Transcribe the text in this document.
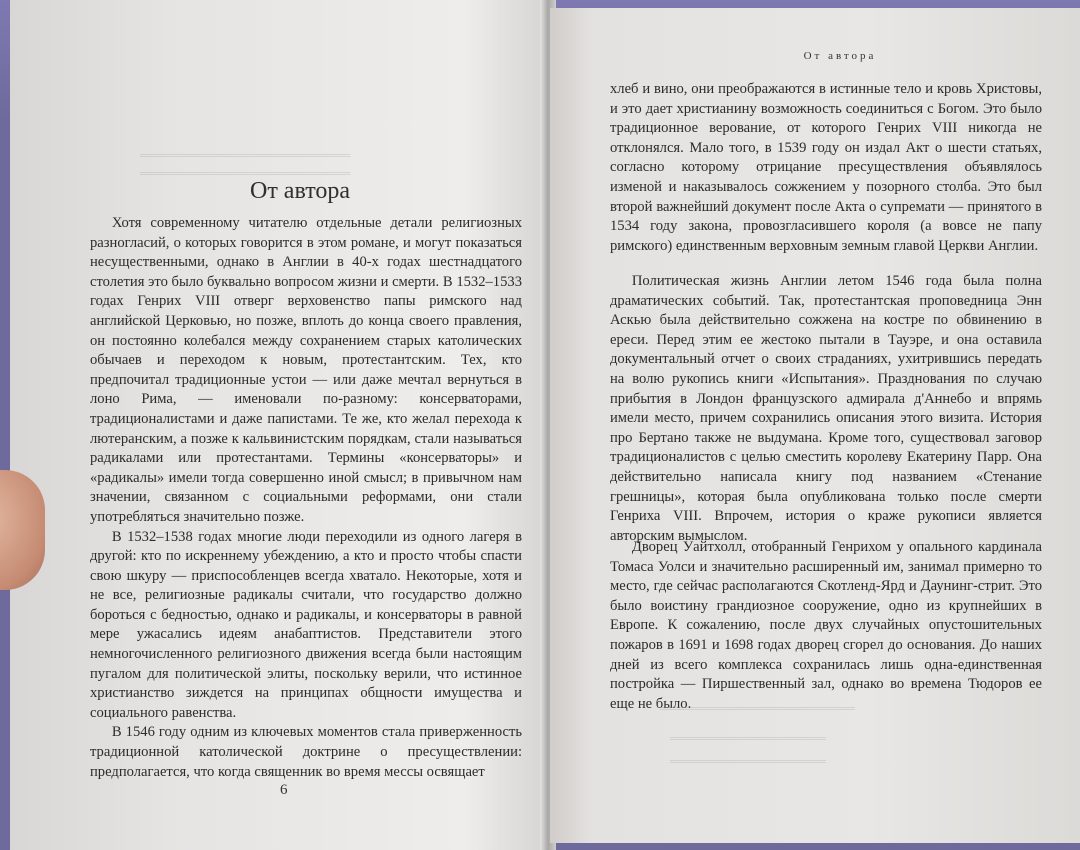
═══════════════════════════
═══════════════════════════
От автора

Хотя современному читателю отдельные детали религиозных разногласий, о которых говорится в этом романе, и могут показаться несущественными, однако в Англии в 40-х годах шестнадцатого столетия это было буквально вопросом жизни и смерти. В 1532–1533 годах Генрих VIII отверг верховенство папы римского над английской Церковью, но позже, вплоть до конца своего правления, он постоянно колебался между сохранением старых католических обычаев и переходом к новым, протестантским. Тех, кто предпочитал традиционные устои — или даже мечтал вернуться в лоно Рима, — именовали по-разному: консерваторами, традиционалистами и даже папистами. Те же, кто желал перехода к лютеранским, а позже к кальвинистским порядкам, стали называться радикалами или протестантами. Термины «консерваторы» и «радикалы» имели тогда совершенно иной смысл; в привычном нам значении, связанном с социальными реформами, они стали употребляться значительно позже.

В 1532–1538 годах многие люди переходили из одного лагеря в другой: кто по искреннему убеждению, а кто и просто чтобы спасти свою шкуру — приспособленцев всегда хватало. Некоторые, хотя и не все, религиозные радикалы считали, что государство должно бороться с бедностью, однако и радикалы, и консерваторы в равной мере ужасались идеям анабаптистов. Представители этого немногочисленного религиозного движения всегда были настоящим пугалом для политической элиты, поскольку верили, что истинное христианство зиждется на принципах общности имущества и социального равенства.

В 1546 году одним из ключевых моментов стала приверженность традиционной католической доктрине о пресуществлении: предполагается, что когда священник во время мессы освящает

6
От автора

хлеб и вино, они преображаются в истинные тело и кровь Христовы, и это дает христианину возможность соединиться с Богом. Это было традиционное верование, от которого Генрих VIII никогда не отклонялся. Мало того, в 1539 году он издал Акт о шести статьях, согласно которому отрицание пресуществления объявлялось изменой и наказывалось сожжением у позорного столба. Это был второй важнейший документ после Акта о супремати — принятого в 1534 году закона, провозгласившего короля (а вовсе не папу римского) единственным верховным земным главой Церкви Англии.

Политическая жизнь Англии летом 1546 года была полна драматических событий. Так, протестантская проповедница Энн Аскью была действительно сожжена на костре по обвинению в ереси. Перед этим ее жестоко пытали в Тауэре, и она оставила документальный отчет о своих страданиях, ухитрившись передать на волю рукопись книги «Испытания». Празднования по случаю прибытия в Лондон французского адмирала д'Аннебо и впрямь имели место, причем сохранились описания этого визита. История про Бертано также не выдумана. Кроме того, существовал заговор традиционалистов с целью сместить королеву Екатерину Парр. Она действительно написала книгу под названием «Стенание грешницы», которая была опубликована только после смерти Генриха VIII. Впрочем, история о краже рукописи является авторским вымыслом.

Дворец Уайтхолл, отобранный Генрихом у опального кардинала Томаса Уолси и значительно расширенный им, занимал примерно то место, где сейчас располагаются Скотленд-Ярд и Даунинг-стрит. Это было воистину грандиозное сооружение, одно из крупнейших в Европе. К сожалению, после двух случайных опустошительных пожаров в 1691 и 1698 годах дворец сгорел до основания. До наших дней из всего комплекса сохранилась лишь одна-единственная постройка — Пиршественный зал, однако во времена Тюдоров ее еще не было.

═════════════════════════
════════════════════
════════════════════
